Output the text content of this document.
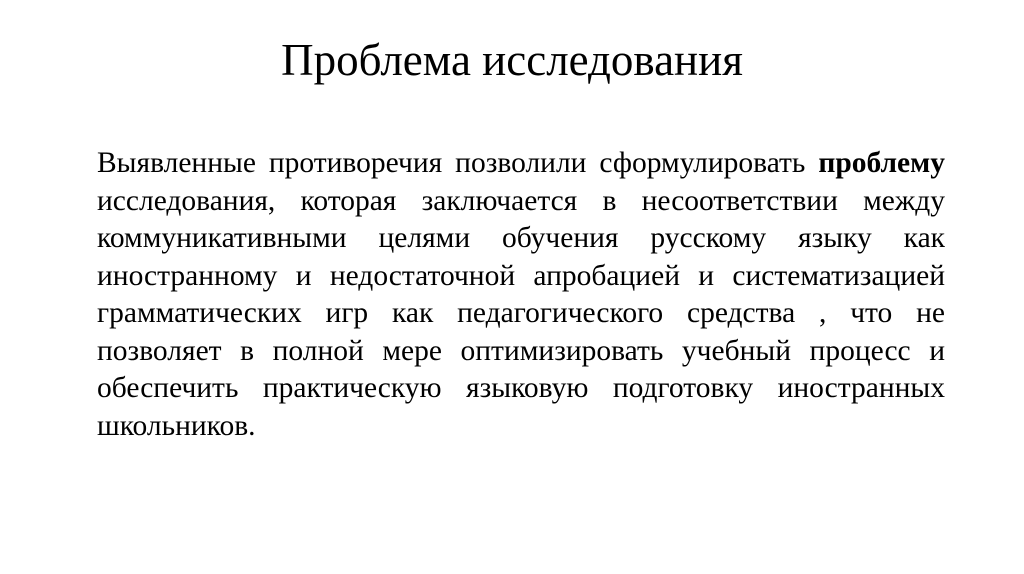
Проблема исследования

Выявленные противоречия позволили сформулировать проблему исследования, которая заключается в несоответствии между коммуникативными целями обучения русскому языку как иностранному и недостаточной апробацией и систематизацией грамматических игр как педагогического средства , что не позволяет в полной мере оптимизировать учебный процесс и обеспечить практическую языковую подготовку иностранных школьников.
